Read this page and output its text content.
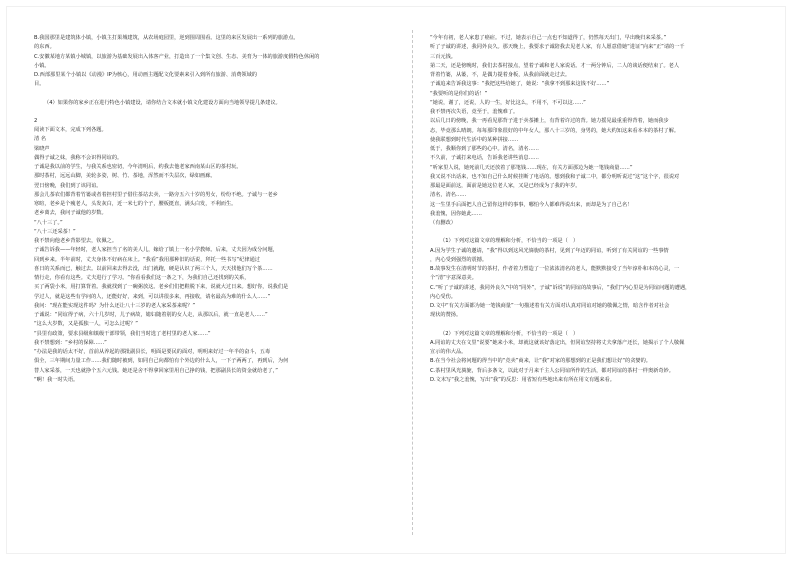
B.我国那里是建筑体小镇，小镇主打果城建筑，从农场庭园里，逆到围周围看。这里的来区发展出一系列的旅游点。

的东西。

C.安徽某地方某镇小城镇，以旅游为基础发展出入体客产业，打造出了一个集文创、生态、美育为一体的旅游度假特色休闲的

小镇。

D.西部那里某个小镇以《动漫》IP为核心，用动画主题配文化要素来引入到所有旅游、消费领域的

目。

（4）如果你的家乡正在进行特色小镇建设，请你结合文本就小镇文化建设方面向当地领导提几条建议。

2

阅读下面文本，完成下列各题。

清 名

梁晓声

偶得子诚之妹，我称不会识得同谊的。

子诚是我以前的学生，与我关系也密切，今年清明后，约我去他老家西南某山区的茶村玩。

那时茶村，远远山脚，美轮多姿，树、竹、茶地，浑然而不失层次，绿如画廊。

翌日傍晚，我们到了该同谊。

那会儿茶农们都背着竹篓或者着担村里子借往茶站去卖，一路旁五六十岁的男女，纷纷不绝。子诚与一老乡

寒暄，老乡是个瘦老人，头发灰白，近一米七的个子，腰板挺直，满头白发，不利而生。

老乡离去，我问子诚他的岁数。

“八十三了。”

“八十三还采茶！”

我不禁向他老乡背影望去，钦佩之。

子诚告诉我——年轻时，老人家担当了名的美人儿，嫁给了镇上一名小学教师。后来，丈夫因为成分问题，

回到乡来。半年前时，丈夫身体不好病在床上。“我看”我用那种旧的话说，拜托一些书写“纪律通过

喜日的关系而已，触过去。以前回来去得去没，出门就跑，硬是认识了两三个人，天天找他们写个茶……

情行走，你看有这些。丈夫进行了学习。“你看看我们这一条之下，为我们自己还找到的关系，

买了两袋小米，用打算背着。我就找到了一碗粥放这。老乡们们把鞋脱下来，说就大过日来。想好你，说我们是

学过人，就是这些有学问的人，还能好好，来到，可以讲很多来，再接收，请名最高为难的什么人……”

我问：“现在能实现这件吗？为什么还让八十三岁的老人家采茶来呢？”

子诚说：“同谊得子病，六十几岁时，儿子病故，媳妇随着别的女人走，从那以后，就一直是老人……”

“这么大岁数，又是孤独一人，可怎么过呢？”

“县里有政策，要求县级和镇级干部带领，我们当时选了老村里的老人家……”

我不禁想到：“乡村的保障……”

“办法是我的话太不好，首前从养起的那批副县长，明面是要民的面对，明明来好过一年半的奋斗，五毒

俱全，三年期间力量工作……我们随时被到，如同自己向都怕有个外边的什么人，一下子两两了，再到后，为何

替人家采茶，一天也就挣个五六元钱。她还是舍不得拿回家里用自己挣的钱，把那副县长的资金就给老了，”

“啊！我一时失语。

“今年有初，老人家患了癌症。不过，她表示自己一点也不知道得了，仍然每天出门，早出晚归来采茶。”

听了子诚的讲述，我同外良久。那天晚上，我要求子诚陪我去见老人家，有人愿意借她“进证”向来“正”请的一千

三百元钱。

第二天，还是傍晚时，我们去茶村接点，望着子诚和老人家说话。才一两分钟后，二人的谈话便结束了。老人

背着竹篓，从篓，不，是偶力提着身板，从我前面就走过去。

子诚追来告诉我这事：“我把这些给她了，她说：“我拿不到那来这钱不好……”

“我要听的是你们的话！”

“她说，谢了，还说，人的一生，好比这么，不用不，不可以这……”

我不禁再次失语，竟至于，羞愧难了。

以后几日的傍晚，我一再看见那背子进于卖茶摊上，有背着许过的背。她力摇晃最重重得背着，她而我步

态，毕竟那么晴朗。每每那印象很好的中年女人，那八十三岁的，身男的，她大约知这来看本本的茶村了解。

使我联想到时代生活中的某种拼接……

低于，我顺你到了那些的心中。清名，清名……

不久前，子诚打来电话，告诉我老讲些消息……

“听家里人说，她死前几天还放着了那笔钱……现在，有关方面那边为她一笔钱商量……”

我又说不出话来，也不知自己什么时候挂断了电话的。想到我和子诚二中，都分明听说过“这”这个字，很说对

那最是面前这，面前是她这位老人家，又是已经成为了我的年岁。

清名，清名……

这一生里手后面把人自己留你这样的事事，哪怕今人都难得说出来，而却是为了自己名！

我羞愧，因你她此……

（有删改）

（1）下列对这篇文章的理解和分析，不恰当的一项是（　）

A.因为学生子诚的邀请，“我”得以到这风光旖旎的茶村，见到了年迈的同谊，听到了有关同谊的一些事情

，内心受到强烈的震撼。

B.故事发生在清明时节的茶村，作者着力塑造了一位浓浓清名的老人，能默默接受了当年淳朴和本的心灵，一

个“清”字意深意美。

C.“听了子诚的讲述，我同外良久”中的“同外”，子诚“诉说”的同谊的故事后，“我们”内心里是为同谊问题的遭遇，

内心受伤。

D.文中“有关方面都为她一笔钱商量”一句描述着有关方面对认真对同谊对她的敬佩之情，暗含作者对社会

现状的赞扬。

（2）下列对这篇文章的理解和分析，不恰当的一项是（　）

A.同谊的丈夫在文里“说要”她来小米，却就这就该好落定出，但同谊坚持将丈夫拿落产还长，她揭示了个人敬佩

宣示的伟大品。

B.在当今社会将问题的得当中的“竞卖”商来，让“我”对家的那想到的正是我们想让好“的贪婪的。

C.茶村里风光旖旎，背后多条文，以此对于月来千主人公同谊所作的生活，都对同谊的茶村一样奥新奇妙。

D.文末写“我之羞愧，写出“我”的反思：用省短有些地出来有所在用文有题来看。
